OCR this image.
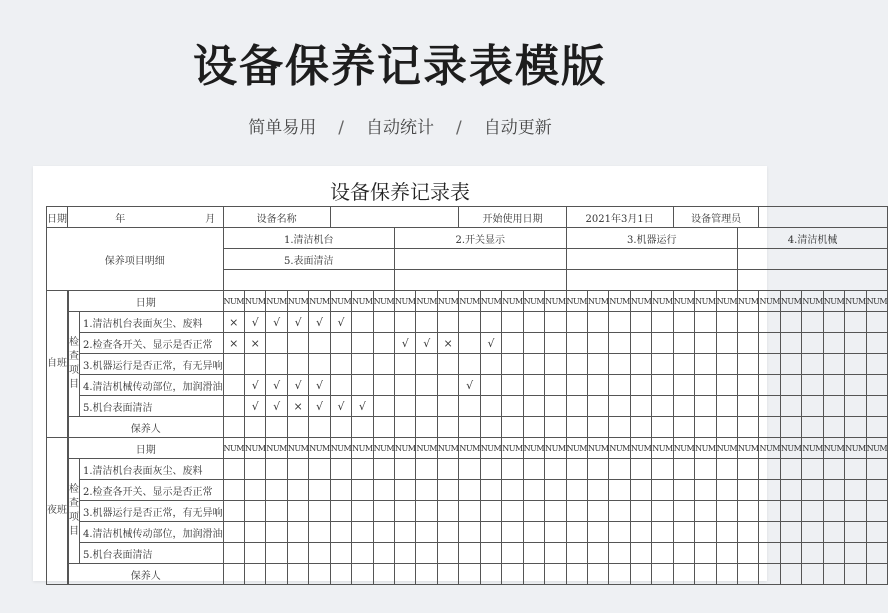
设备保养记录表模版
简单易用 / 自动统计 / 自动更新
设备保养记录表
日期	年 月		设备名称											开始使用日期					2021年3月1日					设备管理员									
保养项目明细			1.清洁机台								2.开关显示								3.机器运行								4.清洁机械						
			5.表面清洁																														

自班		日期		NUM	NUM	NUM	NUM	NUM	NUM	NUM	NUM	NUM	NUM	NUM	NUM	NUM	NUM	NUM	NUM	NUM	NUM	NUM	NUM	NUM	NUM	NUM	NUM	NUM	NUM	NUM	NUM	NUM	NUM	NUM
	检查项目	1.清洁机台表面灰尘、废料	×	√	√	√	√	√																									
		2.检查各开关、显示是否正常	×	×							√	√	×		√																		
		3.机器运行是否正常，有无异响																															
		4.清洁机械传动部位，加润滑油		√	√	√	√							√																			
		5.机台表面清洁		√	√	×	√	√	√																								
	保养人																																
夜班		日期		NUM	NUM	NUM	NUM	NUM	NUM	NUM	NUM	NUM	NUM	NUM	NUM	NUM	NUM	NUM	NUM	NUM	NUM	NUM	NUM	NUM	NUM	NUM	NUM	NUM	NUM	NUM	NUM	NUM	NUM	NUM
	检查项目	1.清洁机台表面灰尘、废料																															
		2.检查各开关、显示是否正常																															
		3.机器运行是否正常，有无异响																															
		4.清洁机械传动部位，加润滑油																															
		5.机台表面清洁																															
	保养人																																
